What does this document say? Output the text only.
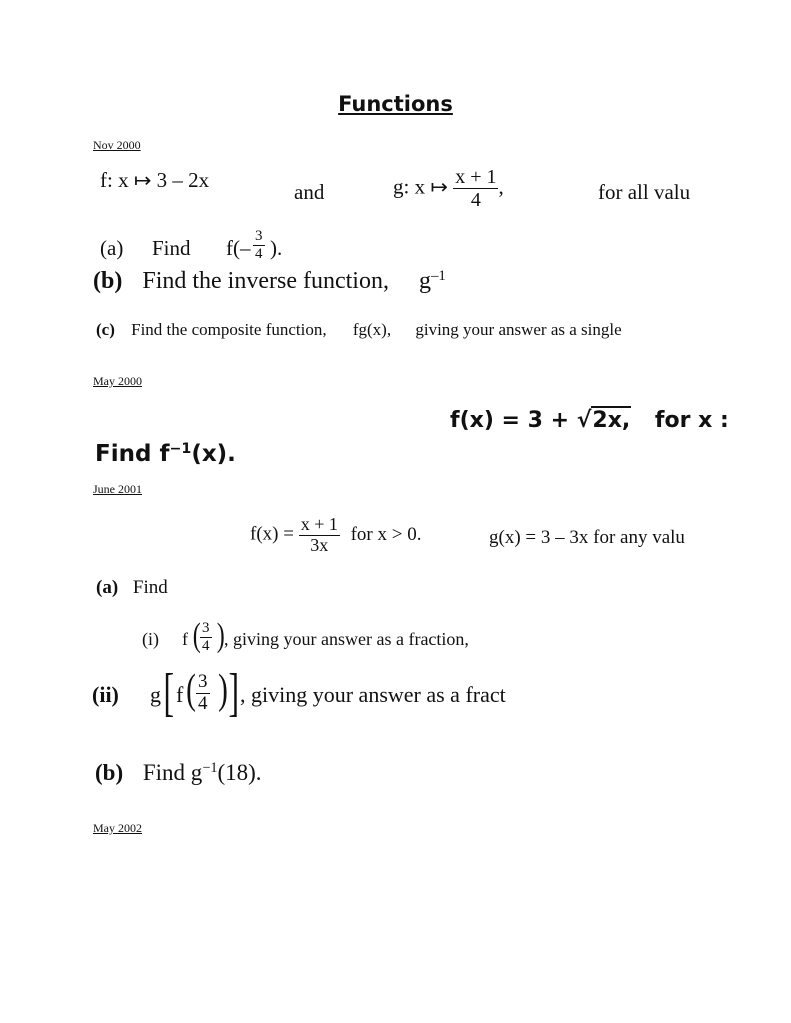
Functions
Nov 2000
f: x ↦ 3 – 2x	and	g: x ↦ $\frac{x + 1}{4}$ ,	for all valu
(a) Find $f(- \frac{3}{4}$ ).
(b) Find the inverse function, $g^{-1}$
(c) Find the composite function, fg(x), giving your answer as a single
May 2000
f(x) = 3 + √2x, for x :
Find $f^{-1}(x)$.
June 2001
$f(x) = \frac{x + 1}{3x}$ for x > 0.	g(x) = 3 – 3x for any valu
(a) Find
(i) f ( $\frac{3}{4}$ ) , giving your answer as a fraction,
(ii) g [ f ( $\frac{3}{4}$ ) ] , giving your answer as a fract
(b) Find $g^{-1}(18)$.
May 2002
